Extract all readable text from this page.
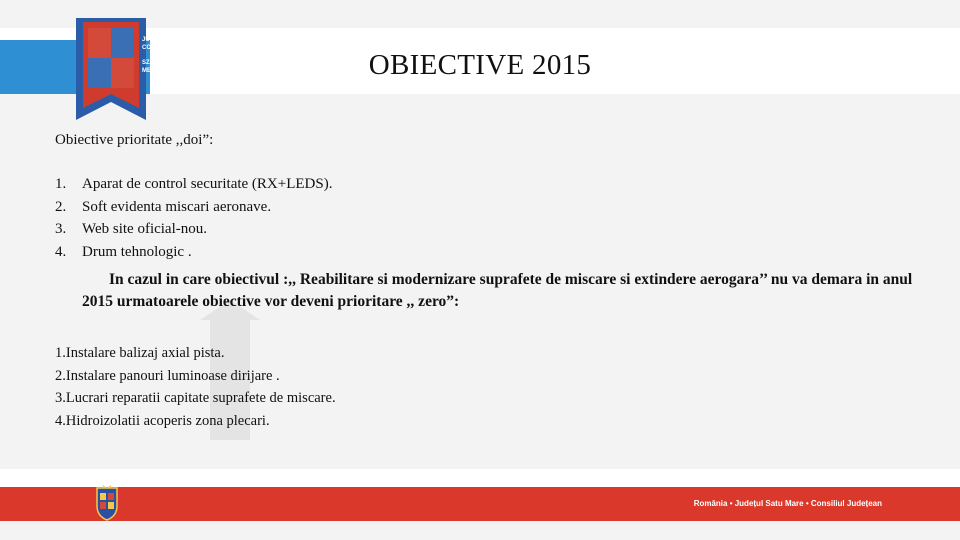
JUDEȚUL SATU MARE
CONSILIUL JUDEȚEAN
SZATMÁR MEGYE
MEGYEI TANÁCS	OBIECTIVE 2015
Obiective prioritate ,,doi”:
1.	Aparat de control securitate (RX+LEDS).
2.	Soft evidenta miscari aeronave.
3.	Web site oficial-nou.
4.	Drum tehnologic .
In cazul in care obiectivul :,, Reabilitare si modernizare suprafete de miscare si extindere aerogara’’ nu va demara in anul 2015 urmatoarele obiective vor deveni prioritare ,, zero”:
1.Instalare balizaj axial pista.
2.Instalare panouri luminoase dirijare .
3.Lucrari reparatii capitate suprafete de miscare.
4.Hidroizolatii acoperis zona plecari.
România • Județul Satu Mare • Consiliul Județean
